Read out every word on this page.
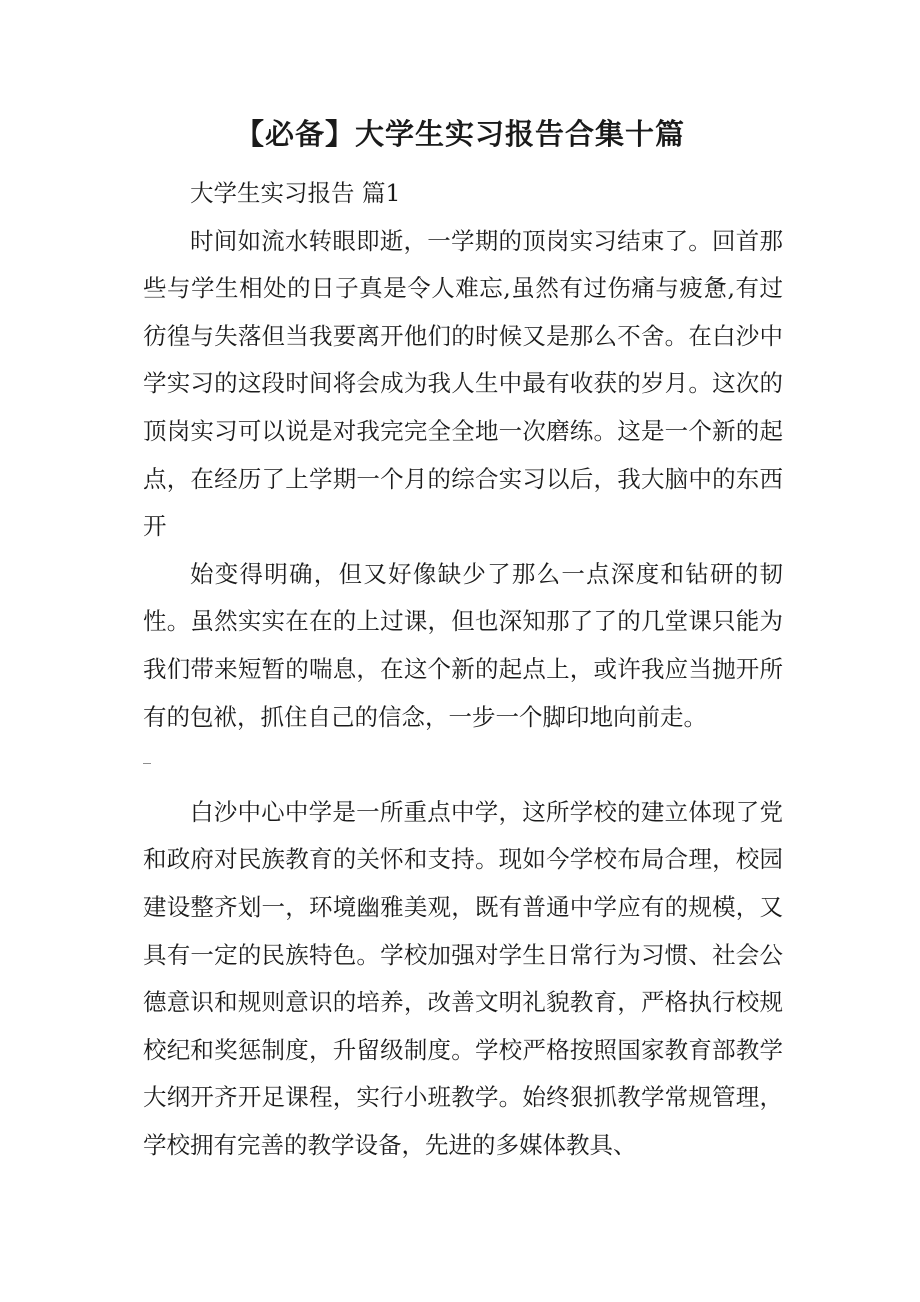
【必备】大学生实习报告合集十篇

大学生实习报告 篇1

时间如流水转眼即逝，一学期的顶岗实习结束了。回首那些与学生相处的日子真是令人难忘,虽然有过伤痛与疲惫,有过彷徨与失落但当我要离开他们的时候又是那么不舍。在白沙中学实习的这段时间将会成为我人生中最有收获的岁月。这次的顶岗实习可以说是对我完完全全地一次磨练。这是一个新的起点，在经历了上学期一个月的综合实习以后，我大脑中的东西开

始变得明确，但又好像缺少了那么一点深度和钻研的韧性。虽然实实在在的上过课，但也深知那了了的几堂课只能为我们带来短暂的喘息，在这个新的起点上，或许我应当抛开所有的包袱，抓住自己的信念，一步一个脚印地向前走。

_

白沙中心中学是一所重点中学，这所学校的建立体现了党和政府对民族教育的关怀和支持。现如今学校布局合理，校园建设整齐划一，环境幽雅美观，既有普通中学应有的规模，又具有一定的民族特色。学校加强对学生日常行为习惯、社会公德意识和规则意识的培养，改善文明礼貌教育，严格执行校规校纪和奖惩制度，升留级制度。学校严格按照国家教育部教学大纲开齐开足课程，实行小班教学。始终狠抓教学常规管理，学校拥有完善的教学设备，先进的多媒体教具、
